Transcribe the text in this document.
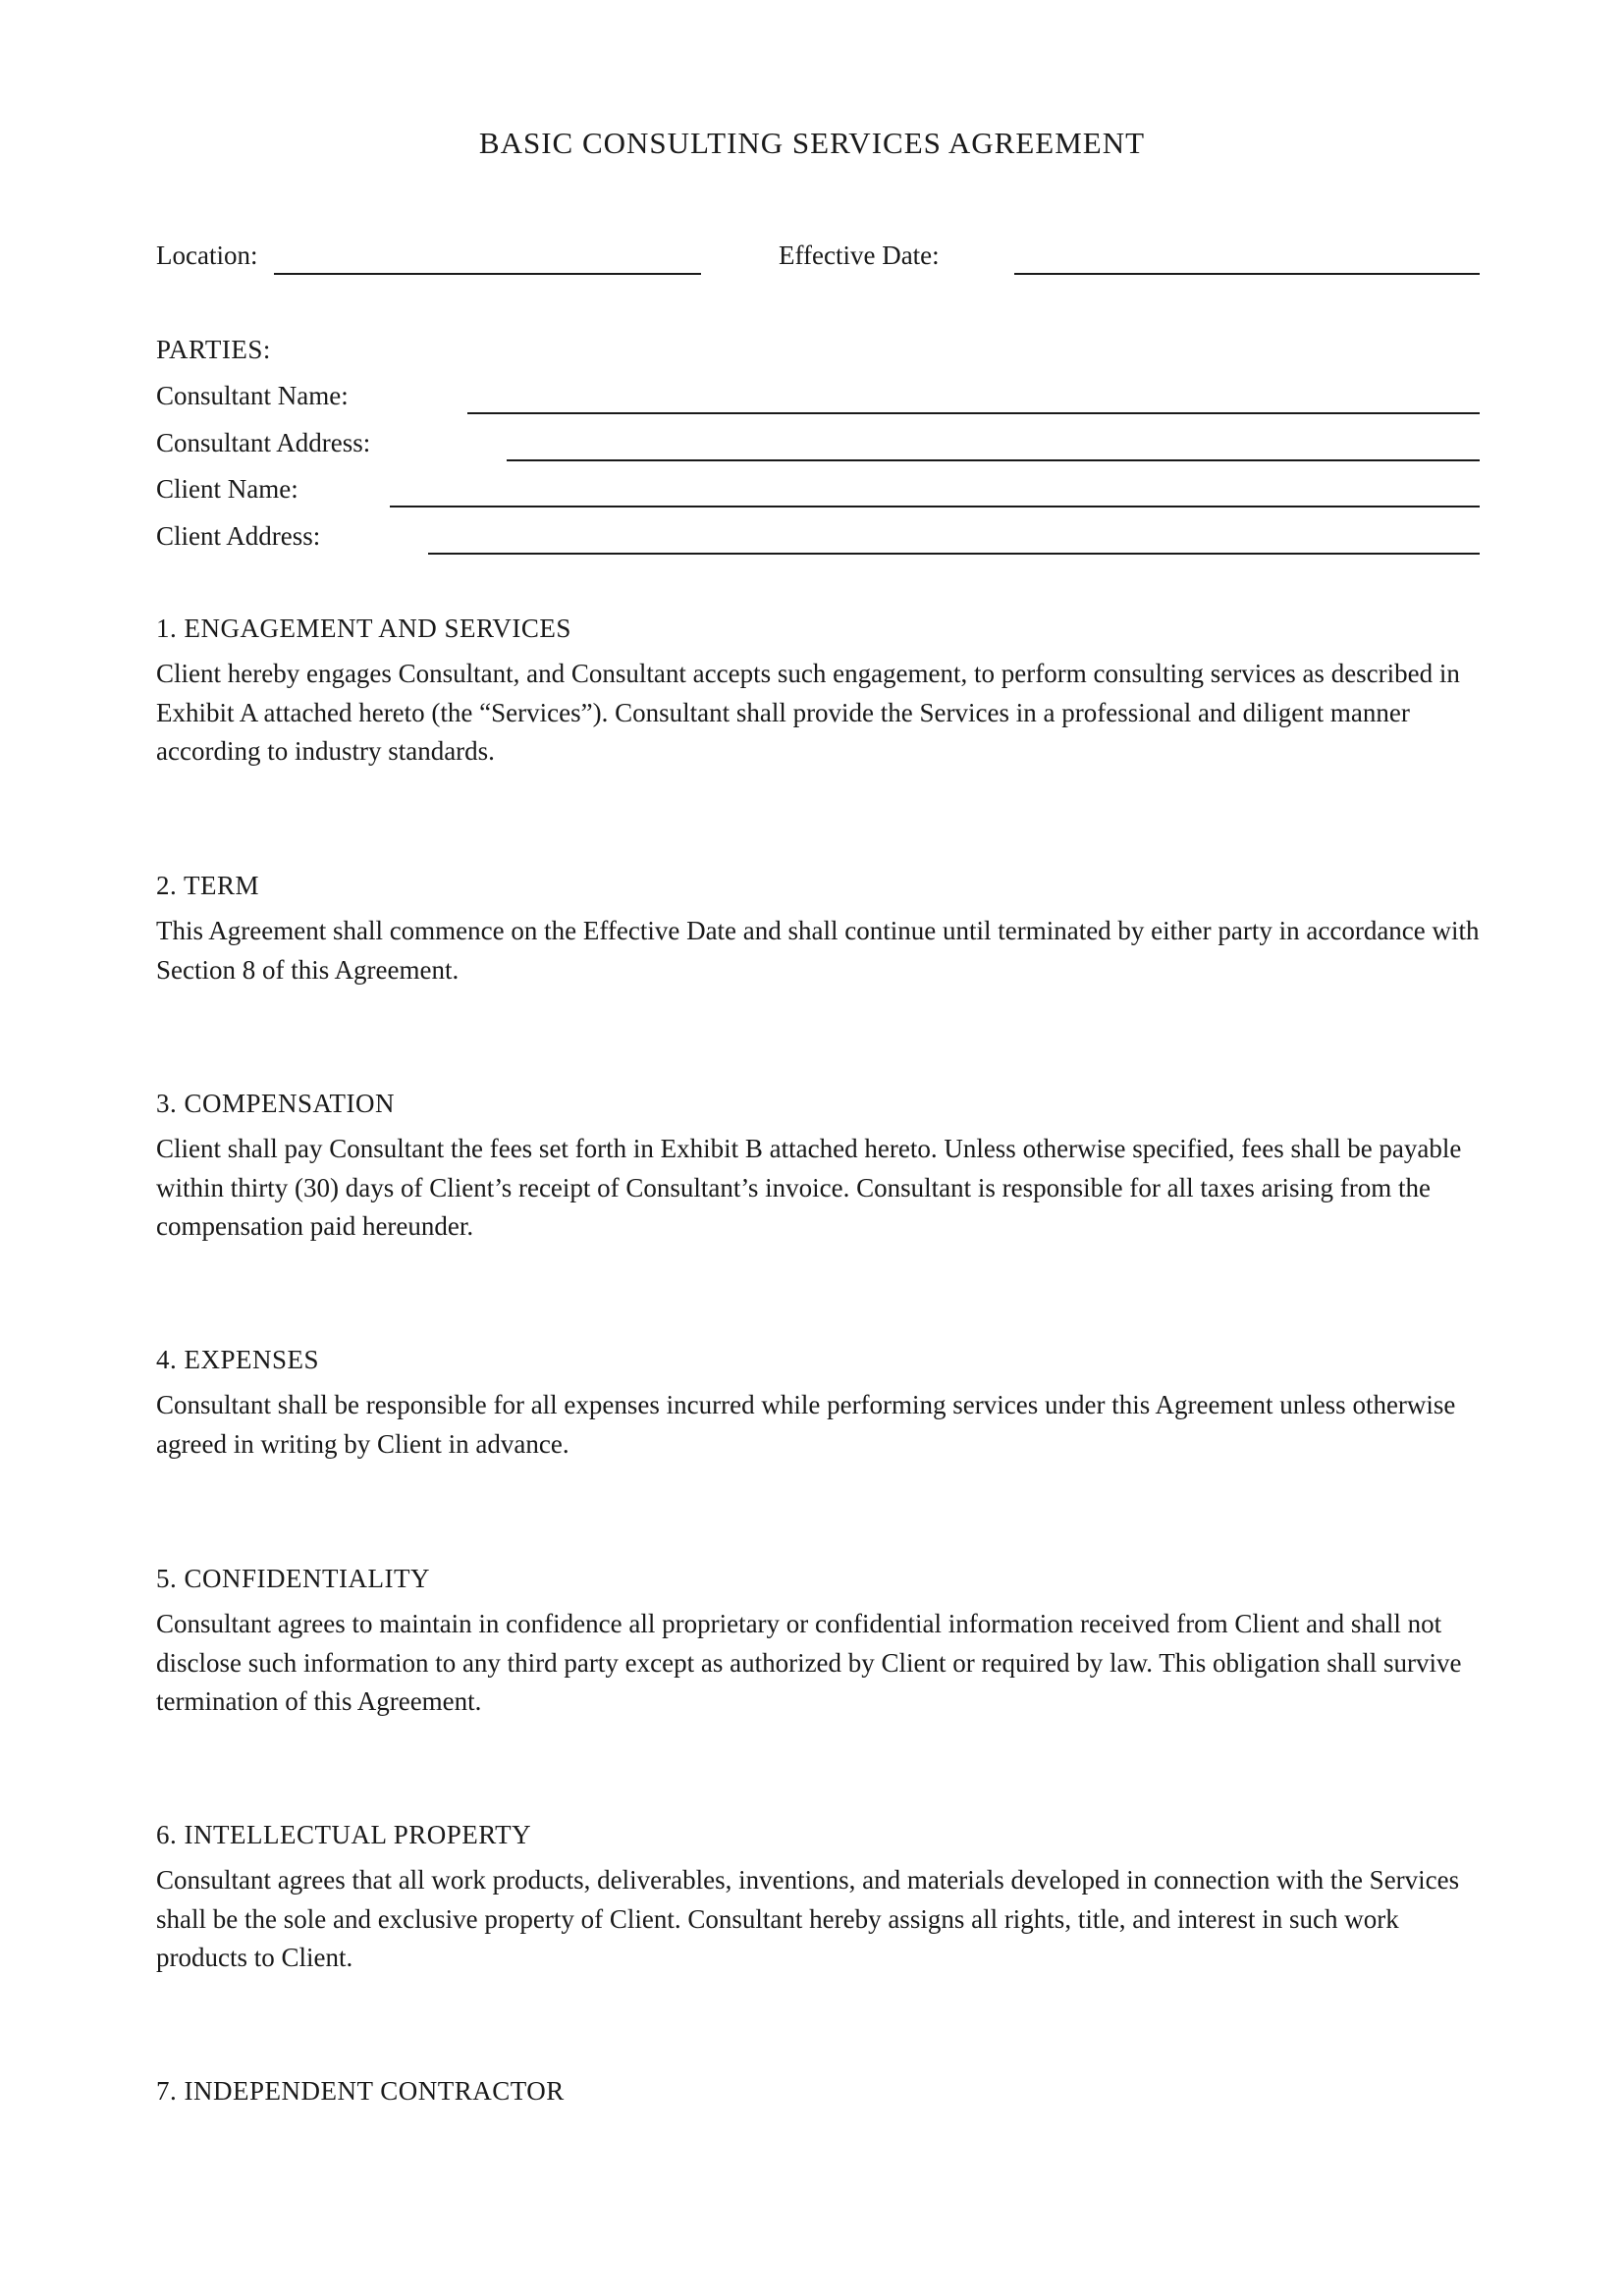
BASIC CONSULTING SERVICES AGREEMENT
Location:	Effective Date:
PARTIES:
Consultant Name:
Consultant Address:
Client Name:
Client Address:
1. ENGAGEMENT AND SERVICES

Client hereby engages Consultant, and Consultant accepts such engagement, to perform consulting services as described in Exhibit A attached hereto (the “Services”). Consultant shall provide the Services in a professional and diligent manner according to industry standards.

2. TERM

This Agreement shall commence on the Effective Date and shall continue until terminated by either party in accordance with Section 8 of this Agreement.

3. COMPENSATION

Client shall pay Consultant the fees set forth in Exhibit B attached hereto. Unless otherwise specified, fees shall be payable within thirty (30) days of Client’s receipt of Consultant’s invoice. Consultant is responsible for all taxes arising from the compensation paid hereunder.

4. EXPENSES

Consultant shall be responsible for all expenses incurred while performing services under this Agreement unless otherwise agreed in writing by Client in advance.

5. CONFIDENTIALITY

Consultant agrees to maintain in confidence all proprietary or confidential information received from Client and shall not disclose such information to any third party except as authorized by Client or required by law. This obligation shall survive termination of this Agreement.

6. INTELLECTUAL PROPERTY

Consultant agrees that all work products, deliverables, inventions, and materials developed in connection with the Services shall be the sole and exclusive property of Client. Consultant hereby assigns all rights, title, and interest in such work products to Client.

7. INDEPENDENT CONTRACTOR
